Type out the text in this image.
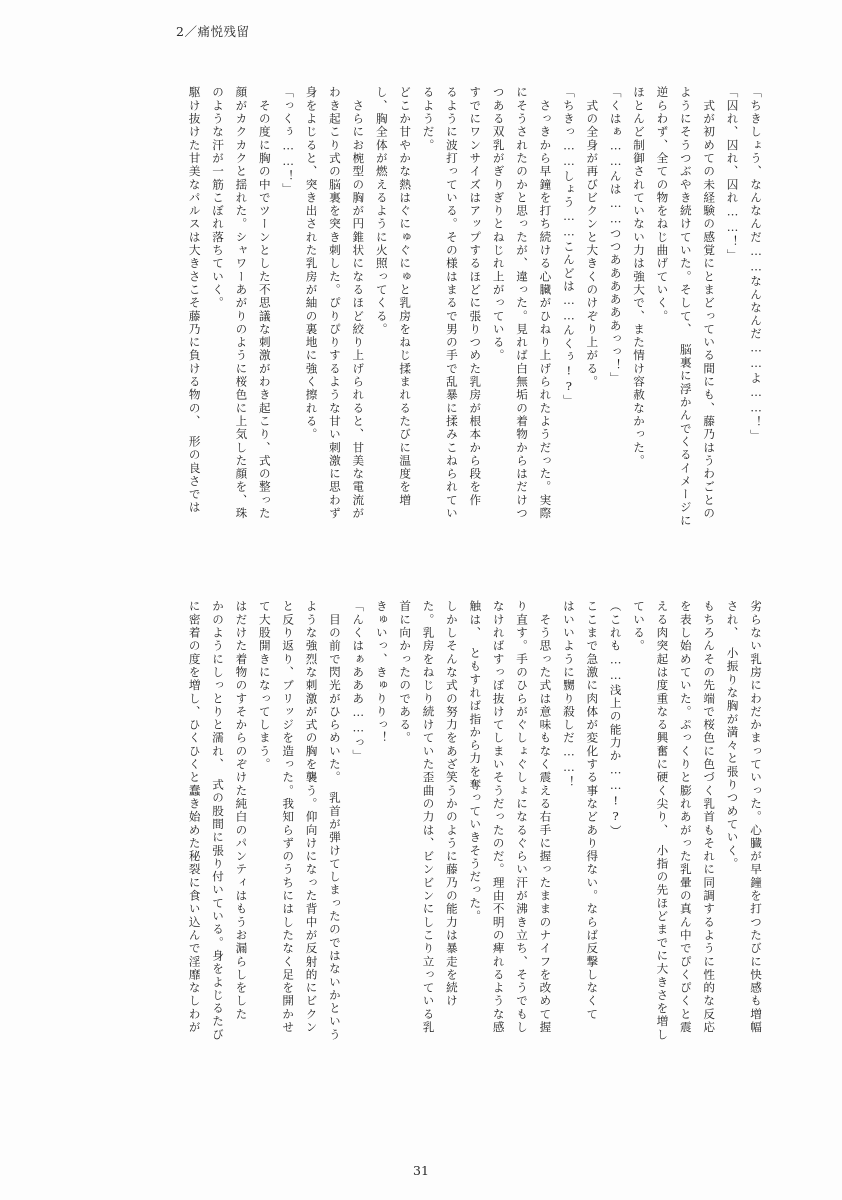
2／痛悦残留
「ちきしょう、なんなんだ……なんなんだ……よ……！」
「囚れ、囚れ、囚れ……！」
　式が初めての未経験の感覚にとまどっている間にも、藤乃はうわごとの
ようにそうつぶやき続けていた。そして、　脳裏に浮かんでくるイメージに
逆らわず、全ての物をねじ曲げていく。
ほとんど制御されていない力は強大で、また情け容赦なかった。
「くはぁ……んは……つつああああああっっ！」
　式の全身が再びビクンと大きくのけぞり上がる。
「ちきっ……しょう……こんどは……んくぅ!?」
　さっきから早鐘を打ち続ける心臓がひねり上げられたようだった。実際
にそうされたのかと思ったが、違った。見れば白無垢の着物からはだけつ
つある双乳がぎりぎりとねじれ上がっている。
すでにワンサイズはアップするほどに張りつめた乳房が根本から段を作
るように波打っている。その様はまるで男の手で乱暴に揉みこねられてい
るようだ。
どこか甘やかな熱はぐにゅぐにゅと乳房をねじ揉まれるたびに温度を増
し、胸全体が燃えるように火照ってくる。
　さらにお椀型の胸が円錐状になるほど絞り上げられると、甘美な電流が
わき起こり式の脳裏を突き刺した。ぴりぴりするような甘い刺激に思わず
身をよじると、突き出された乳房が紬の裏地に強く擦れる。
「っくぅ……！」
　その度に胸の中でツーンとした不思議な刺激がわき起こり、式の整った
顔がカクカクと揺れた。シャワーあがりのように桜色に上気した顔を、珠
のような汗が一筋こぼれ落ちていく。
駆け抜けた甘美なパルスは大きさこそ藤乃に負ける物の、　形の良さでは
劣らない乳房にわだかまっていった。心臓が早鐘を打つたびに快感も増幅
され、　小振りな胸が満々と張りつめていく。
もちろんその先端で桜色に色づく乳首もそれに同調するように性的な反応
を表し始めていた。ぷっくりと膨れあがった乳暈の真ん中でぴくぴくと震
える肉突起は度重なる興奮に硬く尖り、　小指の先ほどまでに大きさを増し
ている。
（これも……浅上の能力か……!?）
ここまで急激に肉体が変化する事などあり得ない。ならば反撃しなくて
はいいように嬲り殺しだ……！
　そう思った式は意味もなく震える右手に握ったままのナイフを改めて握
り直す。手のひらがぐしょぐしょになるぐらい汗が沸き立ち、そうでもし
なければすっぽ抜けてしまいそうだったのだ。理由不明の痺れるような感
触は、　ともすれば指から力を奪っていきそうだった。
しかしそんな式の努力をあざ笑うかのように藤乃の能力は暴走を続け
た。乳房をねじり続けていた歪曲の力は、ビンビンにしこり立っている乳
首に向かったのである。
きゅいっ、きゅりりっ！
「んくはぁあああ……っ」
　目の前で閃光がひらめいた。　乳首が弾けてしまったのではないかという
ような強烈な刺激が式の胸を襲う。仰向けになった背中が反射的にビクン
と反り返り、ブリッジを造った。我知らずのうちにはしたなく足を開かせ
て大股開きになってしまう。
はだけた着物のすそからのぞけた純白のパンティはもうお漏らしをした
かのようにしっとりと濡れ、　式の股間に張り付いている。身をよじるたび
に密着の度を増し、ひくひくと蠢き始めた秘裂に食い込んで淫靡なしわが
31
